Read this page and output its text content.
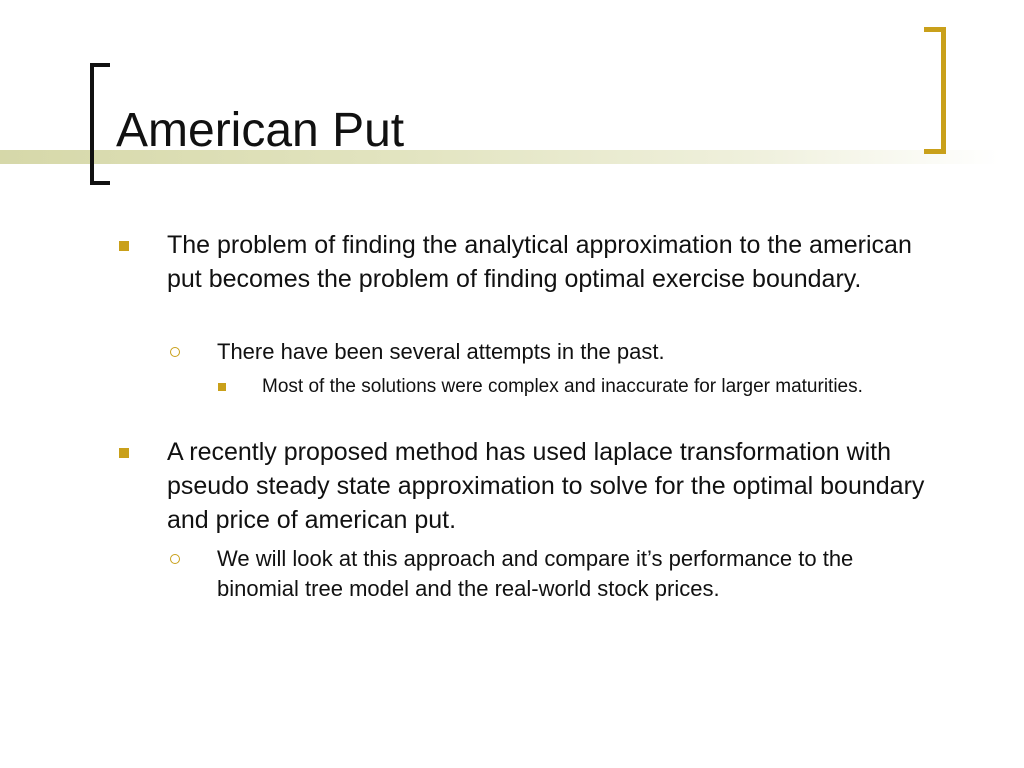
American Put
The problem of finding the analytical approximation to the american put becomes the problem of finding optimal exercise boundary.
There have been several attempts in the past.
Most of the solutions were complex and inaccurate for larger maturities.
A recently proposed method has used laplace transformation with pseudo steady state approximation to solve for the optimal boundary and price of american put.
We will look at this approach and compare it’s performance to the binomial tree model and the real-world stock prices.
